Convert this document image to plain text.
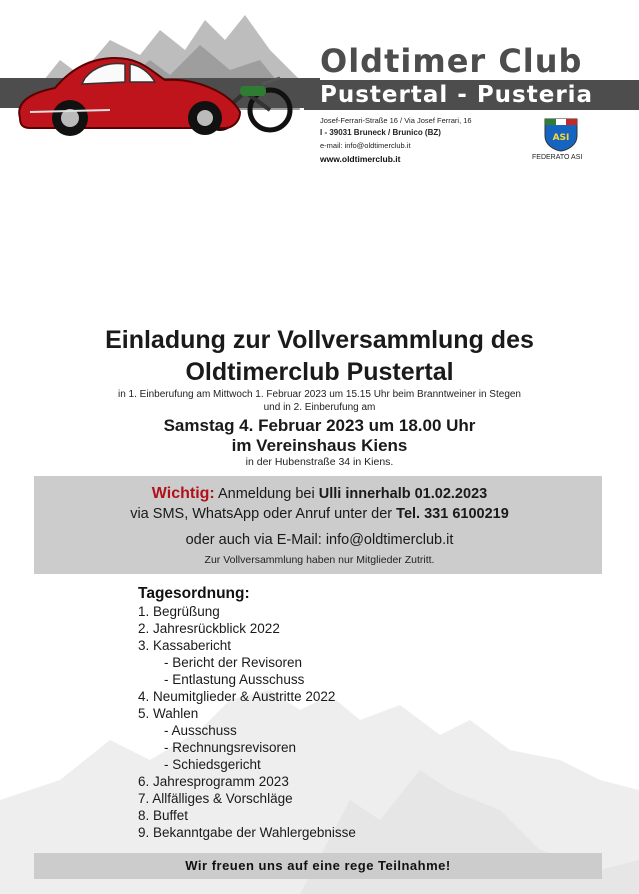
Oldtimer Club
Pustertal - Pusteria
Josef-Ferrari-Straße 16 / Via Josef Ferrari, 16
I - 39031 Bruneck / Brunico (BZ)
e-mail: info@oldtimerclub.it
www.oldtimerclub.it
ASI
FEDERATO ASI
Einladung zur Vollversammlung des
Oldtimerclub Pustertal
in 1. Einberufung am Mittwoch 1. Februar 2023 um 15.15 Uhr beim Branntweiner in Stegen
und in 2. Einberufung am
Samstag 4. Februar 2023 um 18.00 Uhr
im Vereinshaus Kiens
in der Hubenstraße 34 in Kiens.
Wichtig: Anmeldung bei Ulli innerhalb 01.02.2023
via SMS, WhatsApp oder Anruf unter der Tel. 331 6100219
oder auch via E-Mail: info@oldtimerclub.it
Zur Vollversammlung haben nur Mitglieder Zutritt.
Tagesordnung:
1. Begrüßung
2. Jahresrückblick 2022
3. Kassabericht
- Bericht der Revisoren
- Entlastung Ausschuss
4. Neumitglieder & Austritte 2022
5. Wahlen
- Ausschuss
- Rechnungsrevisoren
- Schiedsgericht
6. Jahresprogramm 2023
7. Allfälliges & Vorschläge
8. Buffet
9. Bekanntgabe der Wahlergebnisse
Wir freuen uns auf eine rege Teilnahme!
